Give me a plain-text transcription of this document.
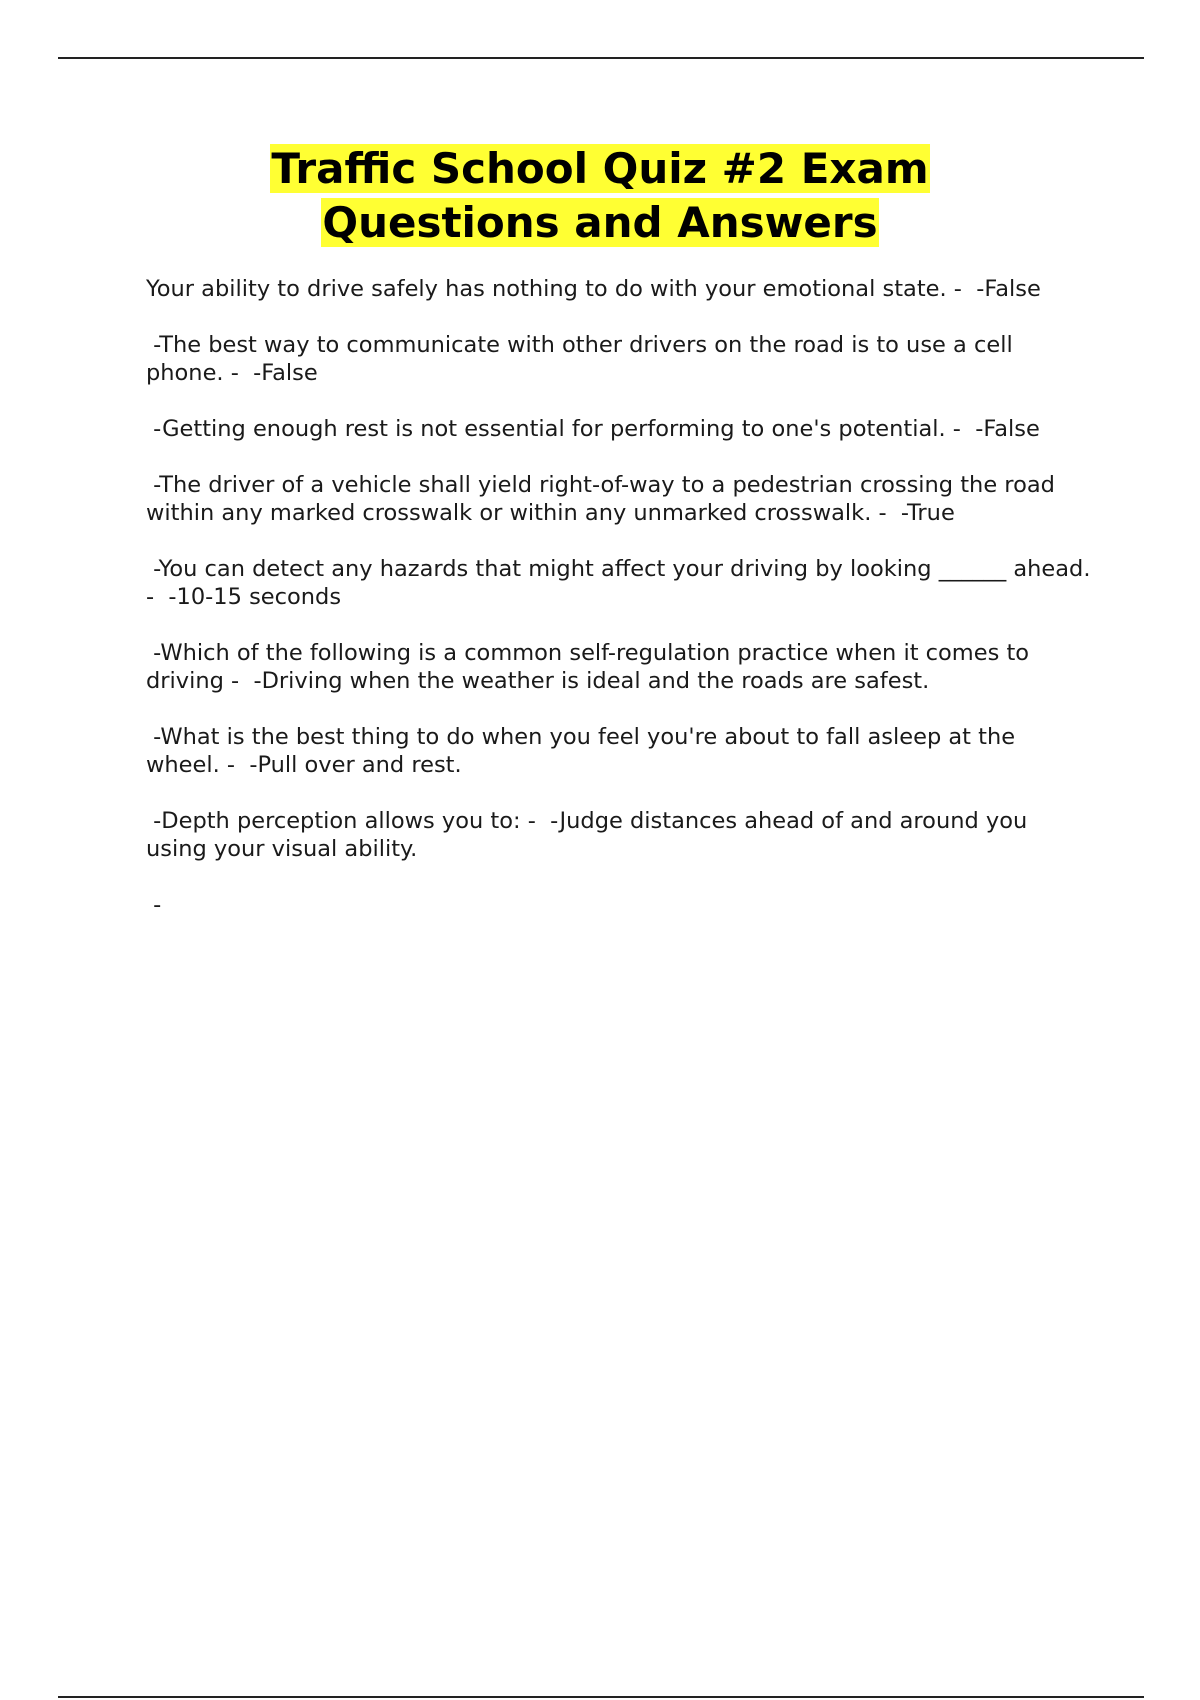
Traffic School Quiz #2 Exam
Questions and Answers

Your ability to drive safely has nothing to do with your emotional state. -  -False

-The best way to communicate with other drivers on the road is to use a cell phone. -  -False

-Getting enough rest is not essential for performing to one's potential. -  -False

-The driver of a vehicle shall yield right-of-way to a pedestrian crossing the road within any marked crosswalk or within any unmarked crosswalk. -  -True

-You can detect any hazards that might affect your driving by looking ______ ahead. -  -10-15 seconds

-Which of the following is a common self-regulation practice when it comes to driving -  -Driving when the weather is ideal and the roads are safest.

-What is the best thing to do when you feel you're about to fall asleep at the wheel. -  -Pull over and rest.

-Depth perception allows you to: -  -Judge distances ahead of and around you using your visual ability.

-
